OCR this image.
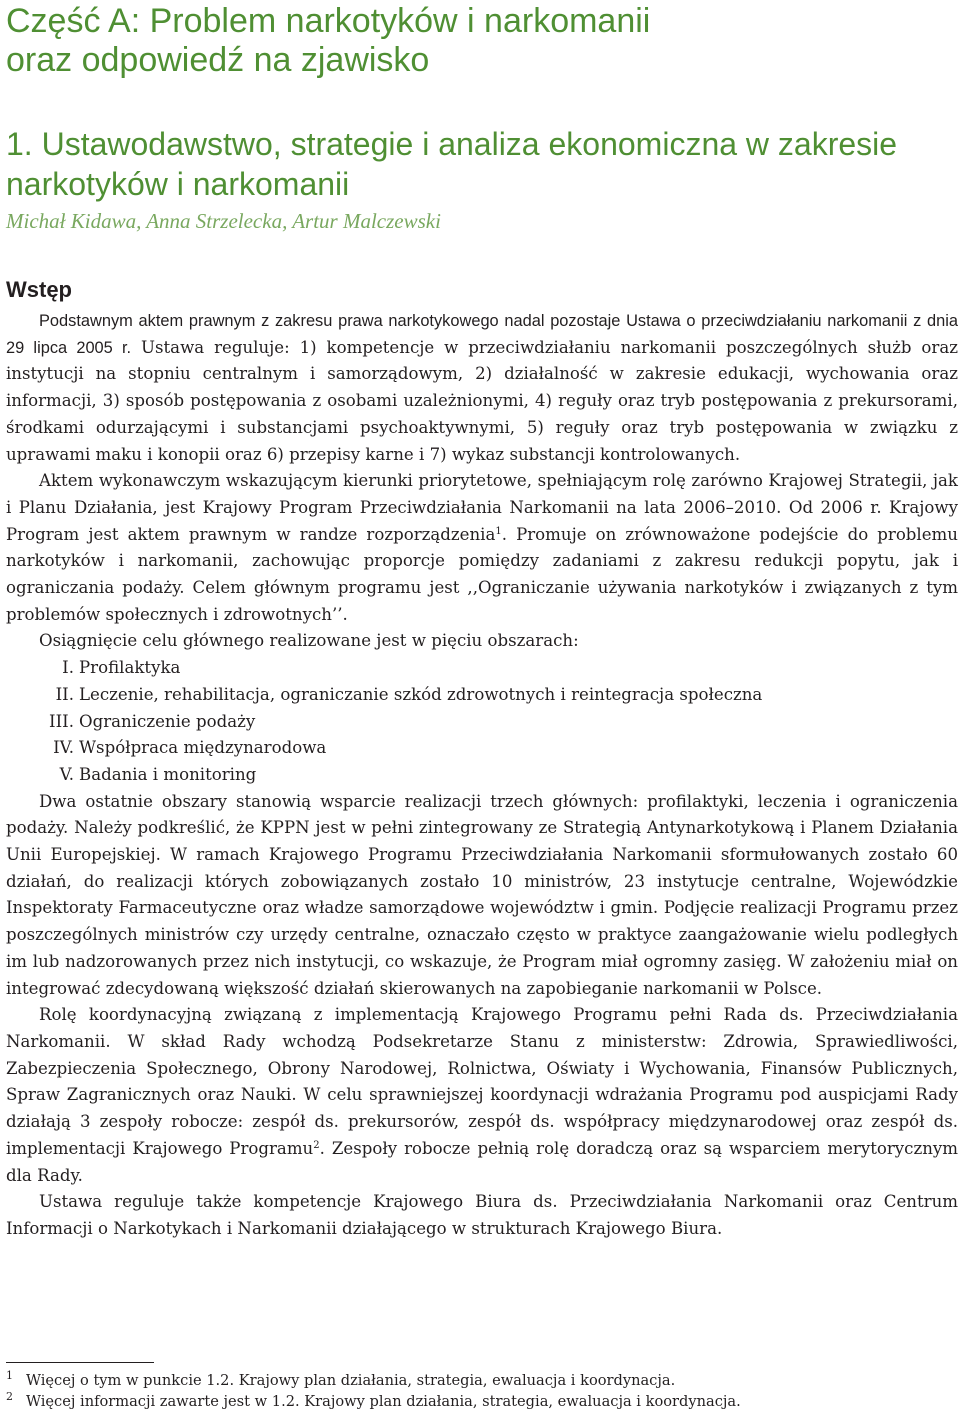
Część A: Problem narkotyków i narkomanii
oraz odpowiedź na zjawisko
1. Ustawodawstwo, strategie i analiza ekonomiczna w zakresie
narkotyków i narkomanii
Michał Kidawa, Anna Strzelecka, Artur Malczewski
Wstęp

Podstawnym aktem prawnym z zakresu prawa narkotykowego nadal pozostaje Ustawa o przeciwdziałaniu narkomanii z dnia 29 lipca 2005 r. Ustawa reguluje: 1) kompetencje w przeciwdziałaniu narkomanii poszczególnych służb oraz instytucji na stopniu centralnym i samorządowym, 2) działalność w zakresie edukacji, wychowania oraz informacji, 3) sposób postępowania z osobami uzależnionymi, 4) reguły oraz tryb postępowania z prekursorami, środkami odurzającymi i substancjami psychoaktywnymi, 5) reguły oraz tryb postępowania w związku z uprawami maku i konopii oraz 6) przepisy karne i 7) wykaz substancji kontrolowanych.

Aktem wykonawczym wskazującym kierunki priorytetowe, spełniającym rolę zarówno Krajowej Strategii, jak i Planu Działania, jest Krajowy Program Przeciwdziałania Narkomanii na lata 2006–2010. Od 2006 r. Krajowy Program jest aktem prawnym w randze rozporządzenia$^1$. Promuje on zrównoważone podejście do problemu narkotyków i narkomanii, zachowując proporcje pomiędzy zadaniami z zakresu redukcji popytu, jak i ograniczania podaży. Celem głównym programu jest ,,Ograniczanie używania narkotyków i związanych z tym problemów społecznych i zdrowotnych’’.

Osiągnięcie celu głównego realizowane jest w pięciu obszarach:

I. Profilaktyka
II. Leczenie, rehabilitacja, ograniczanie szkód zdrowotnych i reintegracja społeczna
III. Ograniczenie podaży
IV. Współpraca międzynarodowa
V. Badania i monitoring

Dwa ostatnie obszary stanowią wsparcie realizacji trzech głównych: profilaktyki, leczenia i ograniczenia podaży. Należy podkreślić, że KPPN jest w pełni zintegrowany ze Strategią Antynarkotykową i Planem Działania Unii Europejskiej. W ramach Krajowego Programu Przeciwdziałania Narkomanii sformułowanych zostało 60 działań, do realizacji których zobowiązanych zostało 10 ministrów, 23 instytucje centralne, Wojewódzkie Inspektoraty Farmaceutyczne oraz władze samorządowe województw i gmin. Podjęcie realizacji Programu przez poszczególnych ministrów czy urzędy centralne, oznaczało często w praktyce zaangażowanie wielu podległych im lub nadzorowanych przez nich instytucji, co wskazuje, że Program miał ogromny zasięg. W założeniu miał on integrować zdecydowaną większość działań skierowanych na zapobieganie narkomanii w Polsce.

Rolę koordynacyjną związaną z implementacją Krajowego Programu pełni Rada ds. Przeciwdziałania Narkomanii. W skład Rady wchodzą Podsekretarze Stanu z ministerstw: Zdrowia, Sprawiedliwości, Zabezpieczenia Społecznego, Obrony Narodowej, Rolnictwa, Oświaty i Wychowania, Finansów Publicznych, Spraw Zagranicznych oraz Nauki. W celu sprawniejszej koordynacji wdrażania Programu pod auspicjami Rady działają 3 zespoły robocze: zespół ds. prekursorów, zespół ds. współpracy międzynarodowej oraz zespół ds. implementacji Krajowego Programu$^2$. Zespoły robocze pełnią rolę doradczą oraz są wsparciem merytorycznym dla Rady.

Ustawa reguluje także kompetencje Krajowego Biura ds. Przeciwdziałania Narkomanii oraz Centrum Informacji o Narkotykach i Narkomanii działającego w strukturach Krajowego Biura.

1 Więcej o tym w punkcie 1.2. Krajowy plan działania, strategia, ewaluacja i koordynacja.
2 Więcej informacji zawarte jest w 1.2. Krajowy plan działania, strategia, ewaluacja i koordynacja.
